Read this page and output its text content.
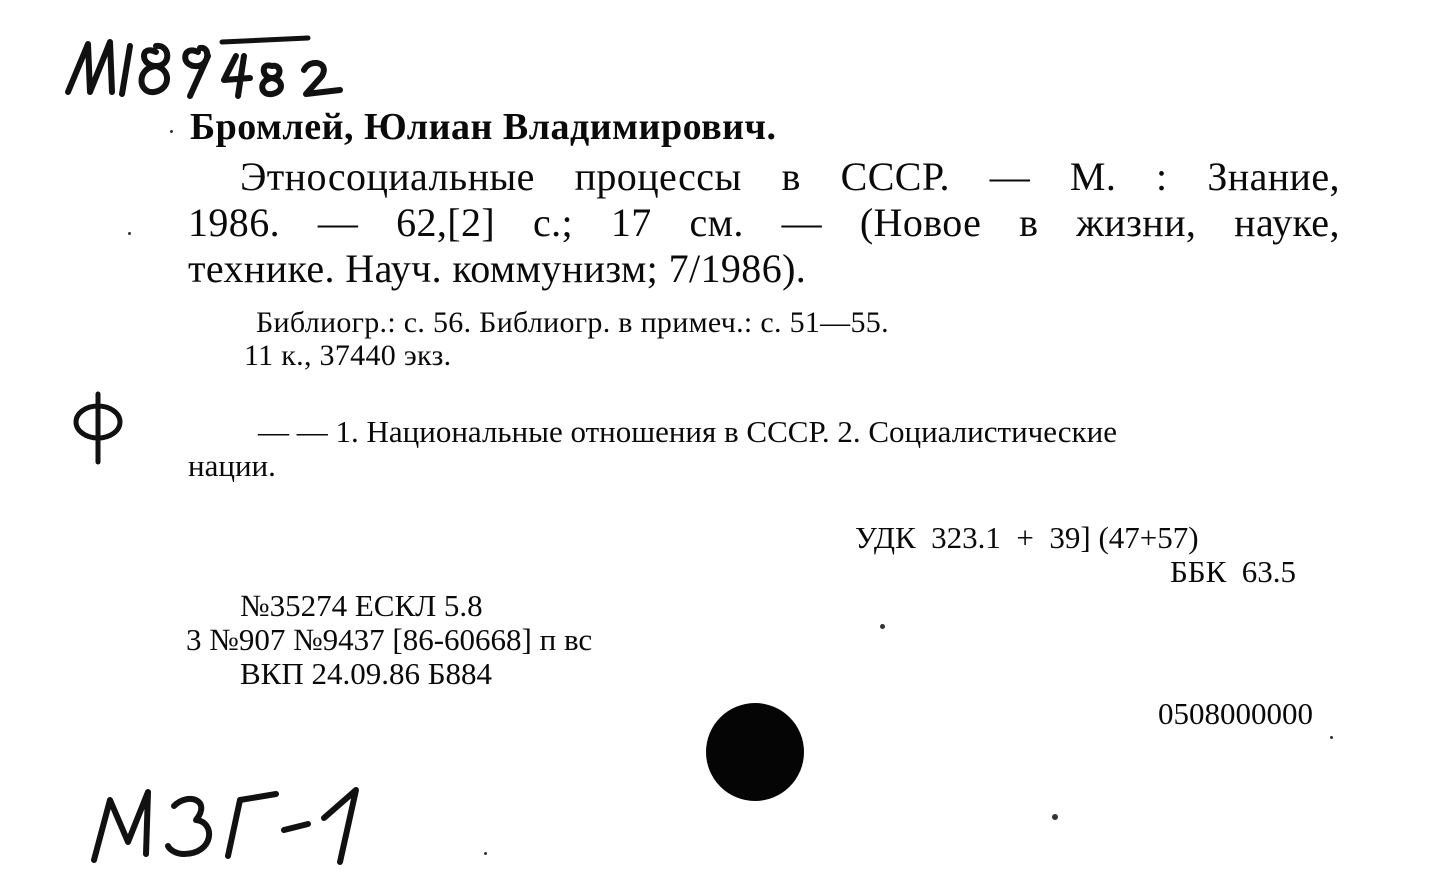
Бромлей, Юлиан Владимирович.
Этносоциальные процессы в СССР. — М. : Знание,
1986. — 62,[2] с.; 17 см. — (Новое в жизни, науке,
технике. Науч. коммунизм; 7/1986).
Библиогр.: с. 56. Библиогр. в примеч.: с. 51—55.
11 к., 37440 экз.
— — 1. Национальные отношения в СССР. 2. Социалистические
нации.
УДК  323.1  +  39] (47+57)
ББК  63.5
№35274 ЕСКЛ 5.8
3 №907 №9437 [86-60668] п вс
ВКП 24.09.86 Б884
0508000000
